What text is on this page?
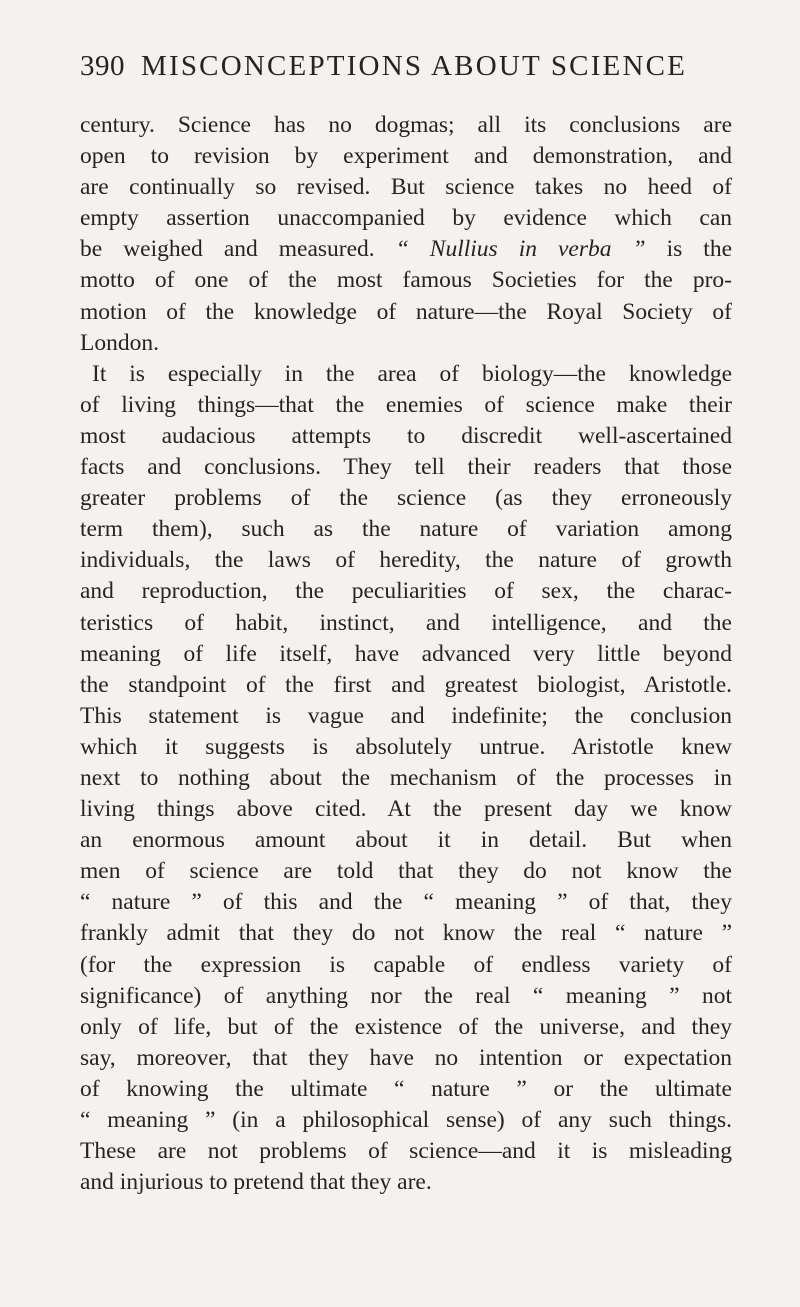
390 MISCONCEPTIONS ABOUT SCIENCE
century. Science has no dogmas; all its conclusions are
open to revision by experiment and demonstration, and
are continually so revised. But science takes no heed of
empty assertion unaccompanied by evidence which can
be weighed and measured. “ Nullius in verba ” is the
motto of one of the most famous Societies for the pro-
motion of the knowledge of nature—the Royal Society of
London.
It is especially in the area of biology—the knowledge
of living things—that the enemies of science make their
most audacious attempts to discredit well-ascertained
facts and conclusions. They tell their readers that those
greater problems of the science (as they erroneously
term them), such as the nature of variation among
individuals, the laws of heredity, the nature of growth
and reproduction, the peculiarities of sex, the charac-
teristics of habit, instinct, and intelligence, and the
meaning of life itself, have advanced very little beyond
the standpoint of the first and greatest biologist, Aristotle.
This statement is vague and indefinite; the conclusion
which it suggests is absolutely untrue. Aristotle knew
next to nothing about the mechanism of the processes in
living things above cited. At the present day we know
an enormous amount about it in detail. But when
men of science are told that they do not know the
“ nature ” of this and the “ meaning ” of that, they
frankly admit that they do not know the real “ nature ”
(for the expression is capable of endless variety of
significance) of anything nor the real “ meaning ” not
only of life, but of the existence of the universe, and they
say, moreover, that they have no intention or expectation
of knowing the ultimate “ nature ” or the ultimate
“ meaning ” (in a philosophical sense) of any such things.
These are not problems of science—and it is misleading
and injurious to pretend that they are.
